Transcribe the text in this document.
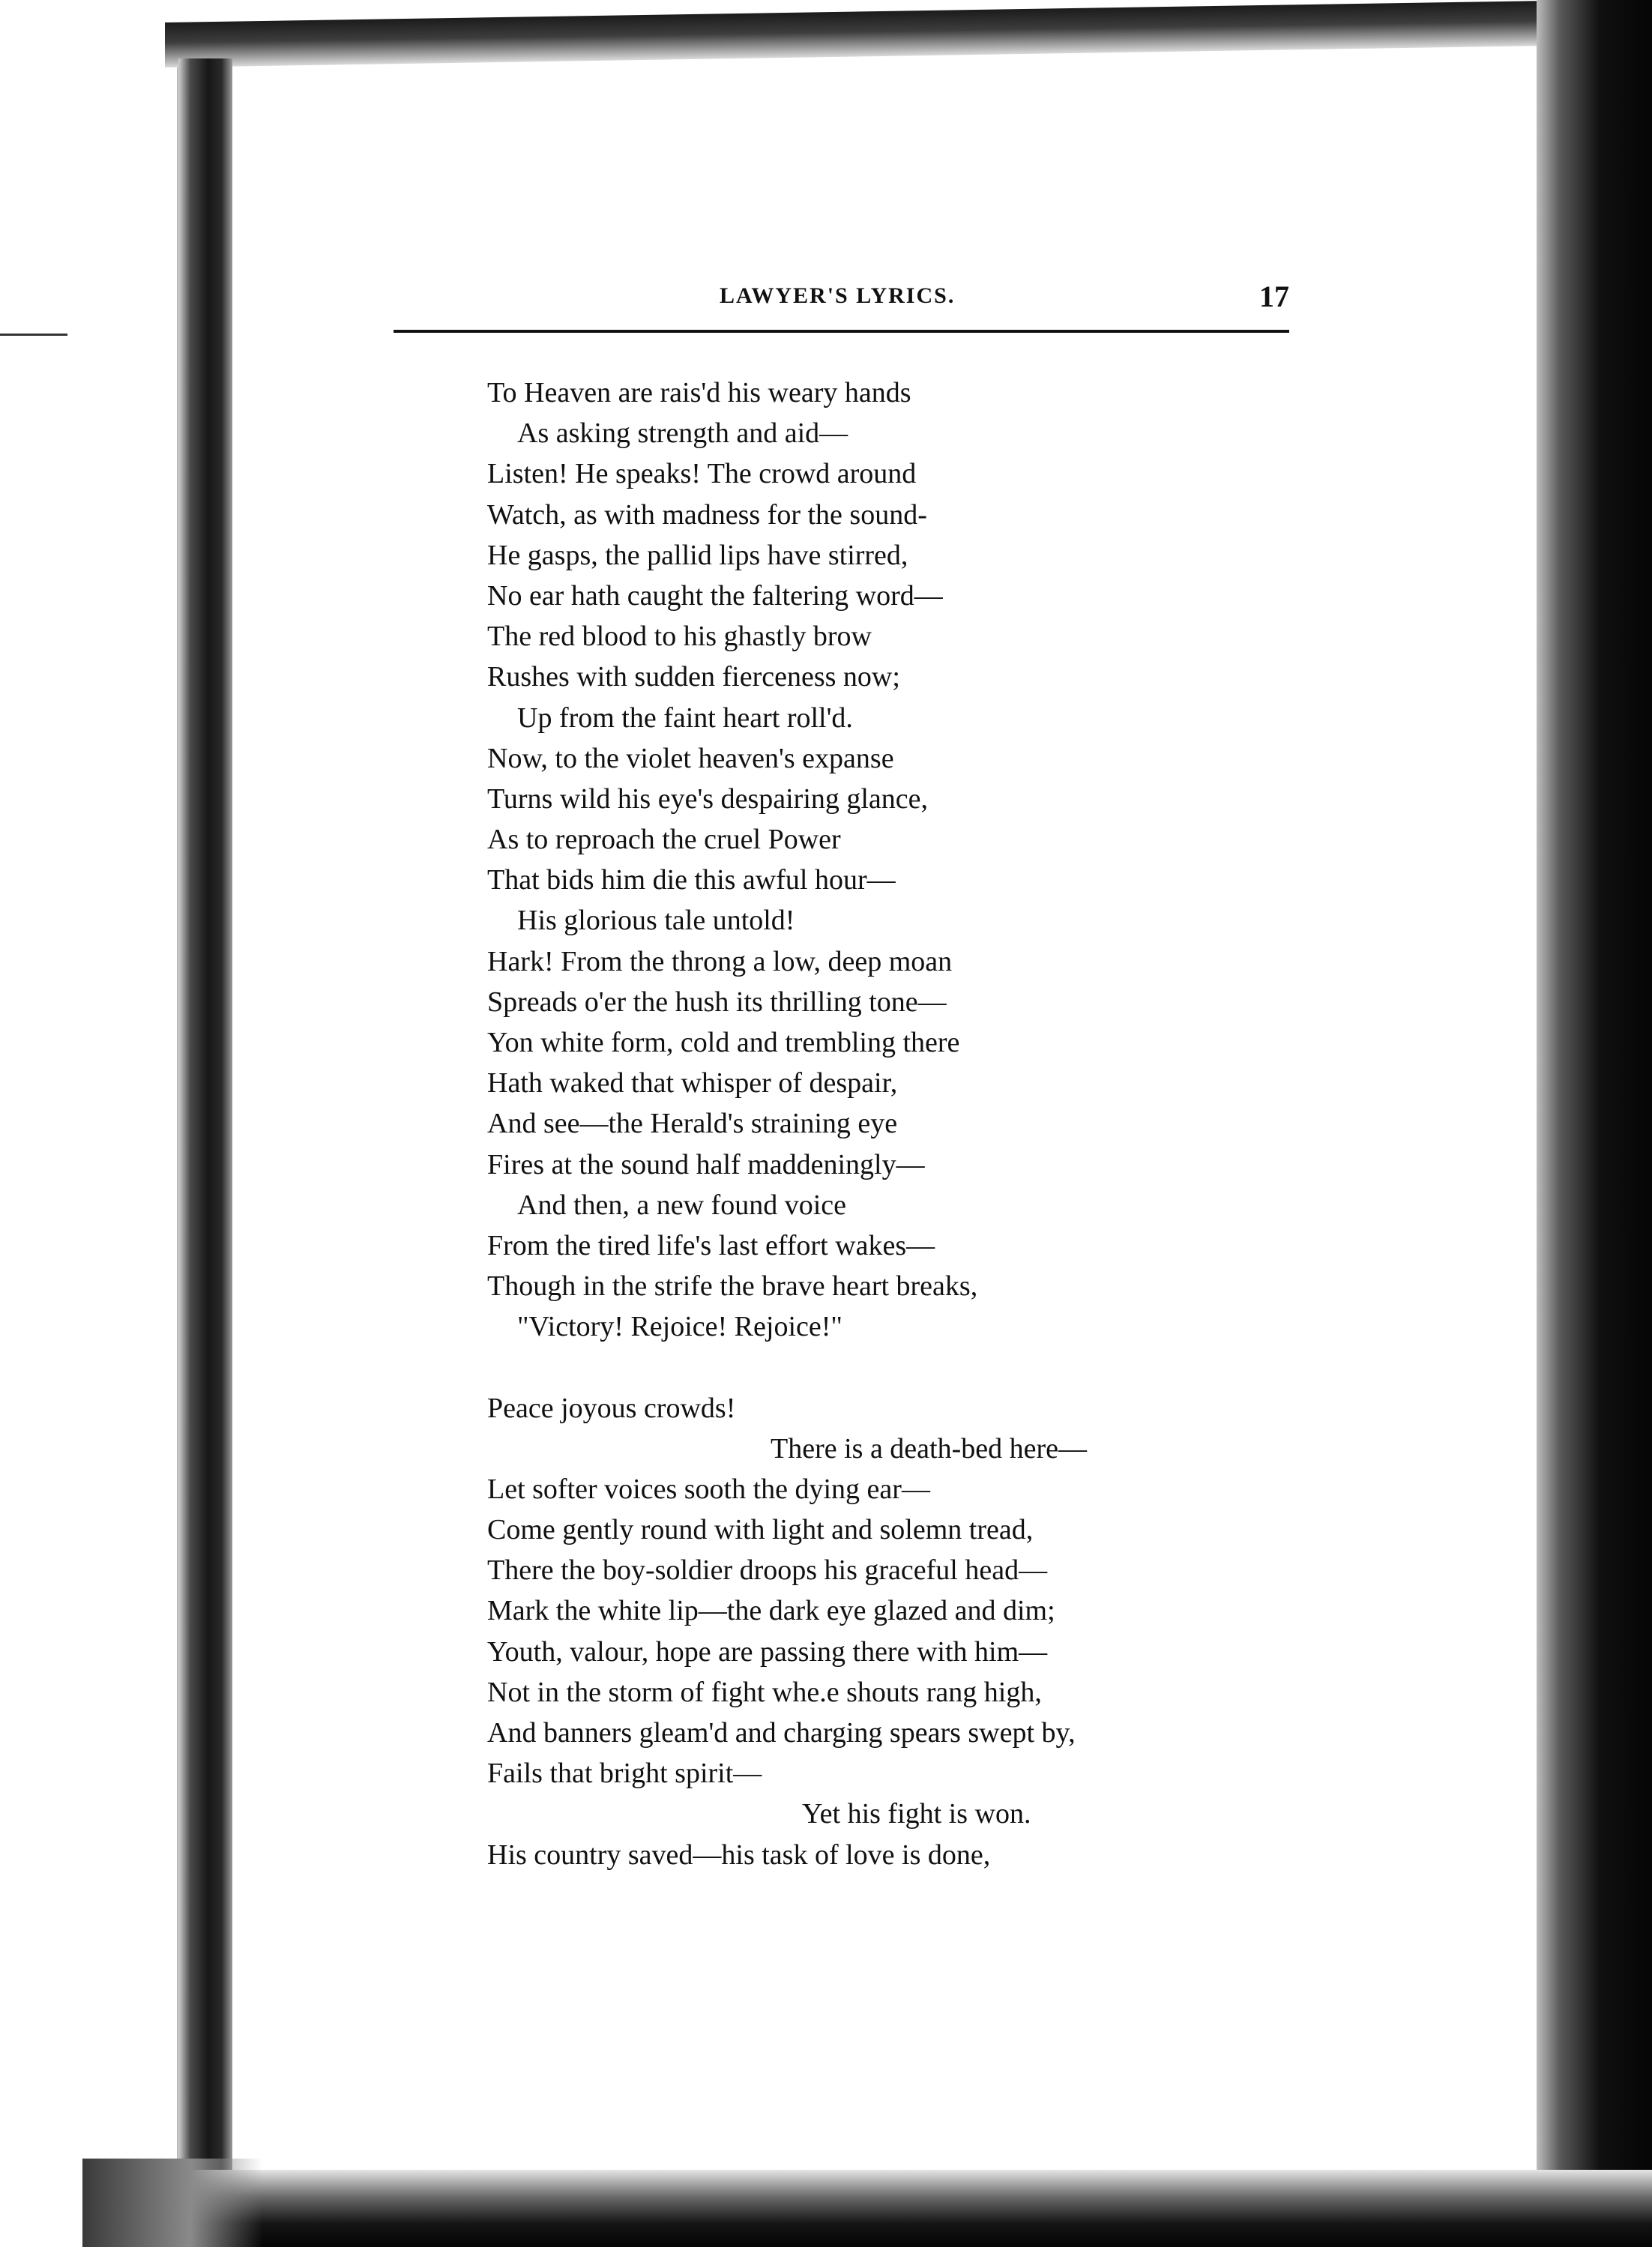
LAWYER'S LYRICS.	17
To Heaven are rais'd his weary hands
As asking strength and aid—
Listen! He speaks! The crowd around
Watch, as with madness for the sound-
He gasps, the pallid lips have stirred,
No ear hath caught the faltering word—
The red blood to his ghastly brow
Rushes with sudden fierceness now;
Up from the faint heart roll'd.
Now, to the violet heaven's expanse
Turns wild his eye's despairing glance,
As to reproach the cruel Power
That bids him die this awful hour—
His glorious tale untold!
Hark! From the throng a low, deep moan
Spreads o'er the hush its thrilling tone—
Yon white form, cold and trembling there
Hath waked that whisper of despair,
And see—the Herald's straining eye
Fires at the sound half maddeningly—
And then, a new found voice
From the tired life's last effort wakes—
Though in the strife the brave heart breaks,
"Victory! Rejoice! Rejoice!"
Peace joyous crowds!
There is a death-bed here—
Let softer voices sooth the dying ear—
Come gently round with light and solemn tread,
There the boy-soldier droops his graceful head—
Mark the white lip—the dark eye glazed and dim;
Youth, valour, hope are passing there with him—
Not in the storm of fight whe.e shouts rang high,
And banners gleam'd and charging spears swept by,
Fails that bright spirit—
Yet his fight is won.
His country saved—his task of love is done,
